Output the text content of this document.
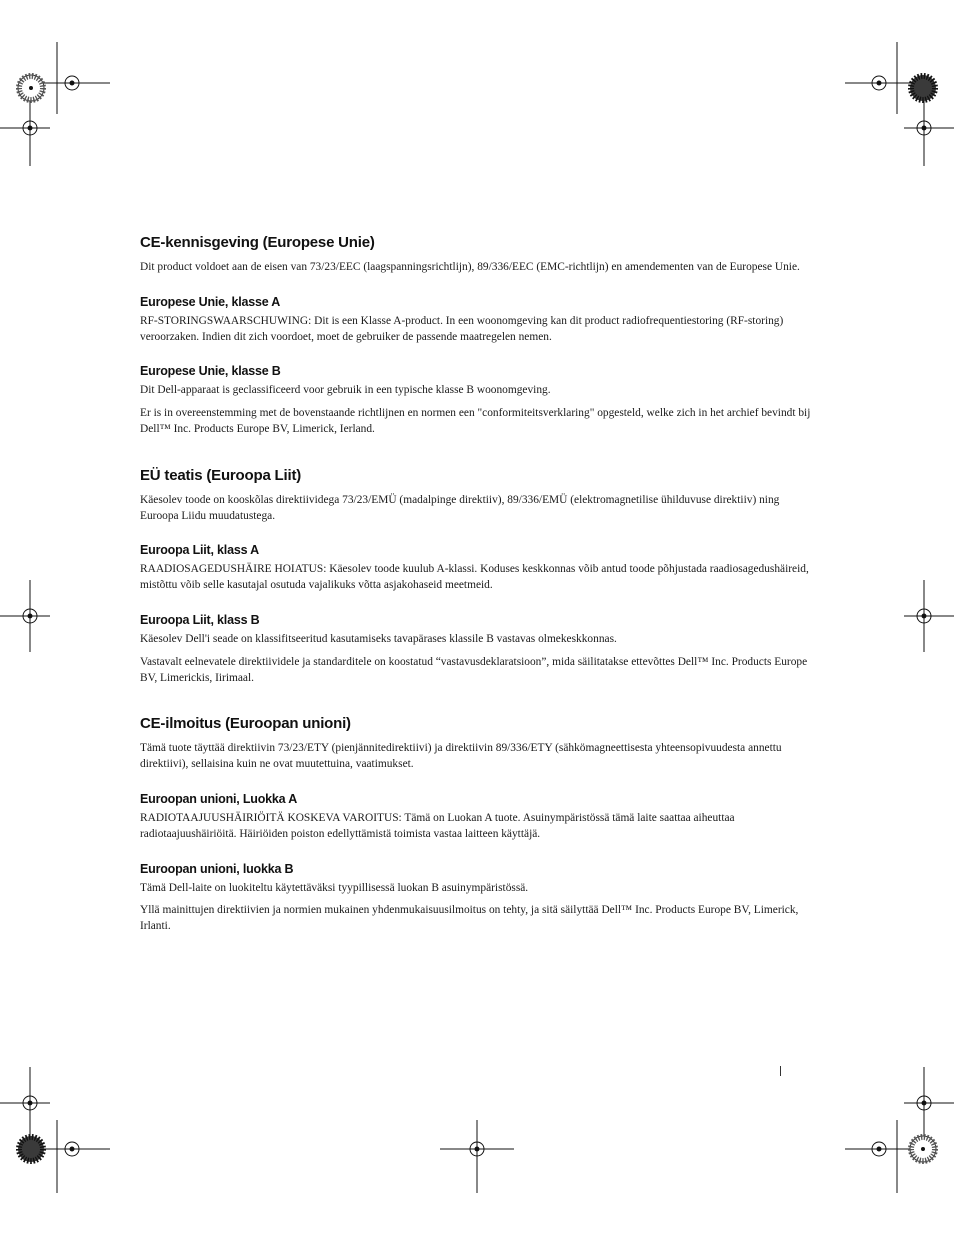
CE-kennisgeving (Europese Unie)

Dit product voldoet aan de eisen van 73/23/EEC (laagspanningsrichtlijn), 89/336/EEC (EMC-richtlijn) en amendementen van de Europese Unie.

Europese Unie, klasse A

RF-STORINGSWAARSCHUWING: Dit is een Klasse A-product. In een woonomgeving kan dit product radiofrequentiestoring (RF-storing) veroorzaken. Indien dit zich voordoet, moet de gebruiker de passende maatregelen nemen.

Europese Unie, klasse B

Dit Dell-apparaat is geclassificeerd voor gebruik in een typische klasse B woonomgeving.

Er is in overeenstemming met de bovenstaande richtlijnen en normen een "conformiteitsverklaring" opgesteld, welke zich in het archief bevindt bij Dell™ Inc. Products Europe BV, Limerick, Ierland.

EÜ teatis (Euroopa Liit)

Käesolev toode on kooskõlas direktiividega 73/23/EMÜ (madalpinge direktiiv), 89/336/EMÜ (elektromagnetilise ühilduvuse direktiiv) ning Euroopa Liidu muudatustega.

Euroopa Liit, klass A

RAADIOSAGEDUSHÄIRE HOIATUS: Käesolev toode kuulub A-klassi. Koduses keskkonnas võib antud toode põhjustada raadiosagedushäireid, mistõttu võib selle kasutajal osutuda vajalikuks võtta asjakohaseid meetmeid.

Euroopa Liit, klass B

Käesolev Dell'i seade on klassifitseeritud kasutamiseks tavapärases klassile B vastavas olmekeskkonnas.

Vastavalt eelnevatele direktiividele ja standarditele on koostatud “vastavusdeklaratsioon”, mida säilitatakse ettevõttes Dell™ Inc. Products Europe BV, Limerickis, Iirimaal.

CE-ilmoitus (Euroopan unioni)

Tämä tuote täyttää direktiivin 73/23/ETY (pienjännitedirektiivi) ja direktiivin 89/336/ETY (sähkömagneettisesta yhteensopivuudesta annettu direktiivi), sellaisina kuin ne ovat muutettuina, vaatimukset.

Euroopan unioni, Luokka A

RADIOTAAJUUSHÄIRIÖITÄ KOSKEVA VAROITUS: Tämä on Luokan A tuote. Asuinympäristössä tämä laite saattaa aiheuttaa radiotaajuushäiriöitä. Häiriöiden poiston edellyttämistä toimista vastaa laitteen käyttäjä.

Euroopan unioni, luokka B

Tämä Dell-laite on luokiteltu käytettäväksi tyypillisessä luokan B asuinympäristössä.

Yllä mainittujen direktiivien ja normien mukainen yhdenmukaisuusilmoitus on tehty, ja sitä säilyttää Dell™ Inc. Products Europe BV, Limerick, Irlanti.
